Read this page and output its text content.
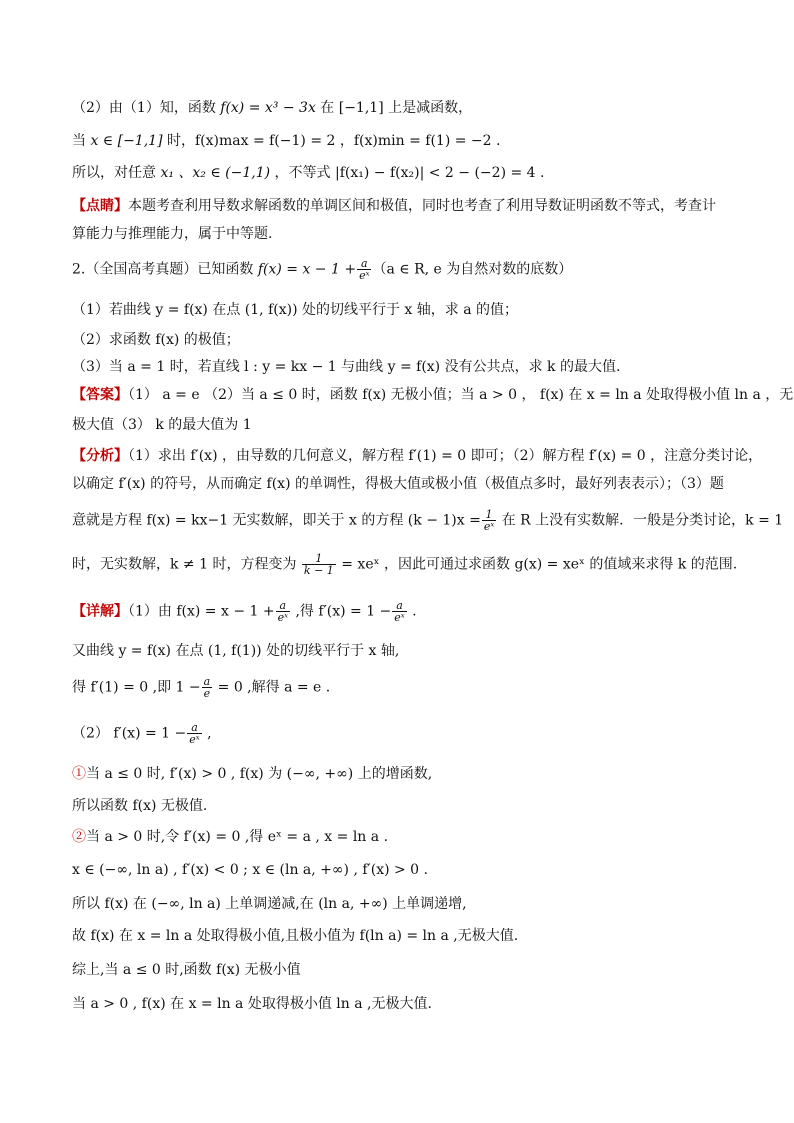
（2）由（1）知，函数 f(x) = x³ − 3x 在 [−1,1] 上是减函数，
当 x ∈ [−1,1] 时，f(x)max = f(−1) = 2 ，f(x)min = f(1) = −2 .
所以，对任意 x₁ 、x₂ ∈ (−1,1) ，不等式 |f(x₁) − f(x₂)| < 2 − (−2) = 4 .
【点睛】本题考查利用导数求解函数的单调区间和极值，同时也考查了利用导数证明函数不等式，考查计
算能力与推理能力，属于中等题.
2.（全国高考真题）已知函数 $f(x) = x - 1 + \frac{a}{\text{eˣ}} (a$ ∈ R, e 为自然对数的底数）
（1）若曲线 y = f(x) 在点 (1, f(x)) 处的切线平行于 x 轴，求 a 的值；
（2）求函数 f(x) 的极值；
（3）当 a = 1 时，若直线 l : y = kx − 1 与曲线 y = f(x) 没有公共点，求 k 的最大值.
【答案】（1） a = e （2）当 a ≤ 0 时，函数 f(x) 无极小值；当 a > 0 ， f(x) 在 x = ln a 处取得极小值 ln a ，无
极大值（3） k 的最大值为 1
【分析】（1）求出 f′(x) ，由导数的几何意义，解方程 f′(1) = 0 即可；（2）解方程 f′(x) = 0 ，注意分类讨论，
以确定 f′(x) 的符号，从而确定 f(x) 的单调性，得极大值或极小值（极值点多时，最好列表表示）；（3）题
意就是方程 f(x) = kx−1 无实数解，即关于 x 的方程 $(k - 1)x = \frac{1}{\text{eˣ}}$ 在 R 上没有实数解．一般是分类讨论，k = 1
时，无实数解，k ≠ 1 时，方程变为 $\frac{1}{k - 1}$ = xeˣ ，因此可通过求函数 g(x) = xeˣ 的值域来求得 k 的范围.
【详解】（1）由 $f(x) = x - 1 + \frac{a}{\text{eˣ}}$ ,得 $f'(x) = 1 - \frac{a}{\text{eˣ}}$ .
又曲线 y = f(x) 在点 (1, f(1)) 处的切线平行于 x 轴,
得 f′(1) = 0 ,即 $1 - \frac{a}{e} = 0$ ,解得 a = e .
（2） $f'(x) = 1 - \frac{a}{\text{eˣ}}$ ,
①当 a ≤ 0 时, f′(x) > 0 , f(x) 为 (−∞, +∞) 上的增函数,
所以函数 f(x) 无极值.
②当 a > 0 时,令 f′(x) = 0 ,得 eˣ = a , x = ln a .
x ∈ (−∞, ln a) , f′(x) < 0 ; x ∈ (ln a, +∞) , f′(x) > 0 .
所以 f(x) 在 (−∞, ln a) 上单调递减,在 (ln a, +∞) 上单调递增,
故 f(x) 在 x = ln a 处取得极小值,且极小值为 f(ln a) = ln a ,无极大值.
综上,当 a ≤ 0 时,函数 f(x) 无极小值
当 a > 0 , f(x) 在 x = ln a 处取得极小值 ln a ,无极大值.
